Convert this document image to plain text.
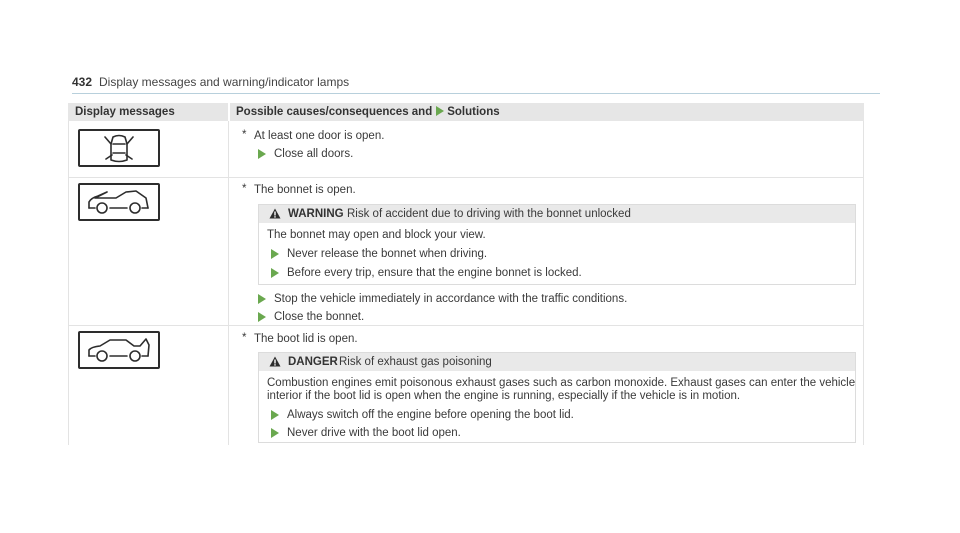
432 Display messages and warning/indicator lamps
Display messages	Possible causes/consequences and Solutions
* At least one door is open.
Close all doors.
* The bonnet is open.
WARNING Risk of accident due to driving with the bonnet unlocked
The bonnet may open and block your view.
Never release the bonnet when driving.
Before every trip, ensure that the engine bonnet is locked.
Stop the vehicle immediately in accordance with the traffic conditions.
Close the bonnet.
* The boot lid is open.
DANGER Risk of exhaust gas poisoning
Combustion engines emit poisonous exhaust gases such as carbon monoxide. Exhaust gases can enter the vehicle
interior if the boot lid is open when the engine is running, especially if the vehicle is in motion.
Always switch off the engine before opening the boot lid.
Never drive with the boot lid open.
